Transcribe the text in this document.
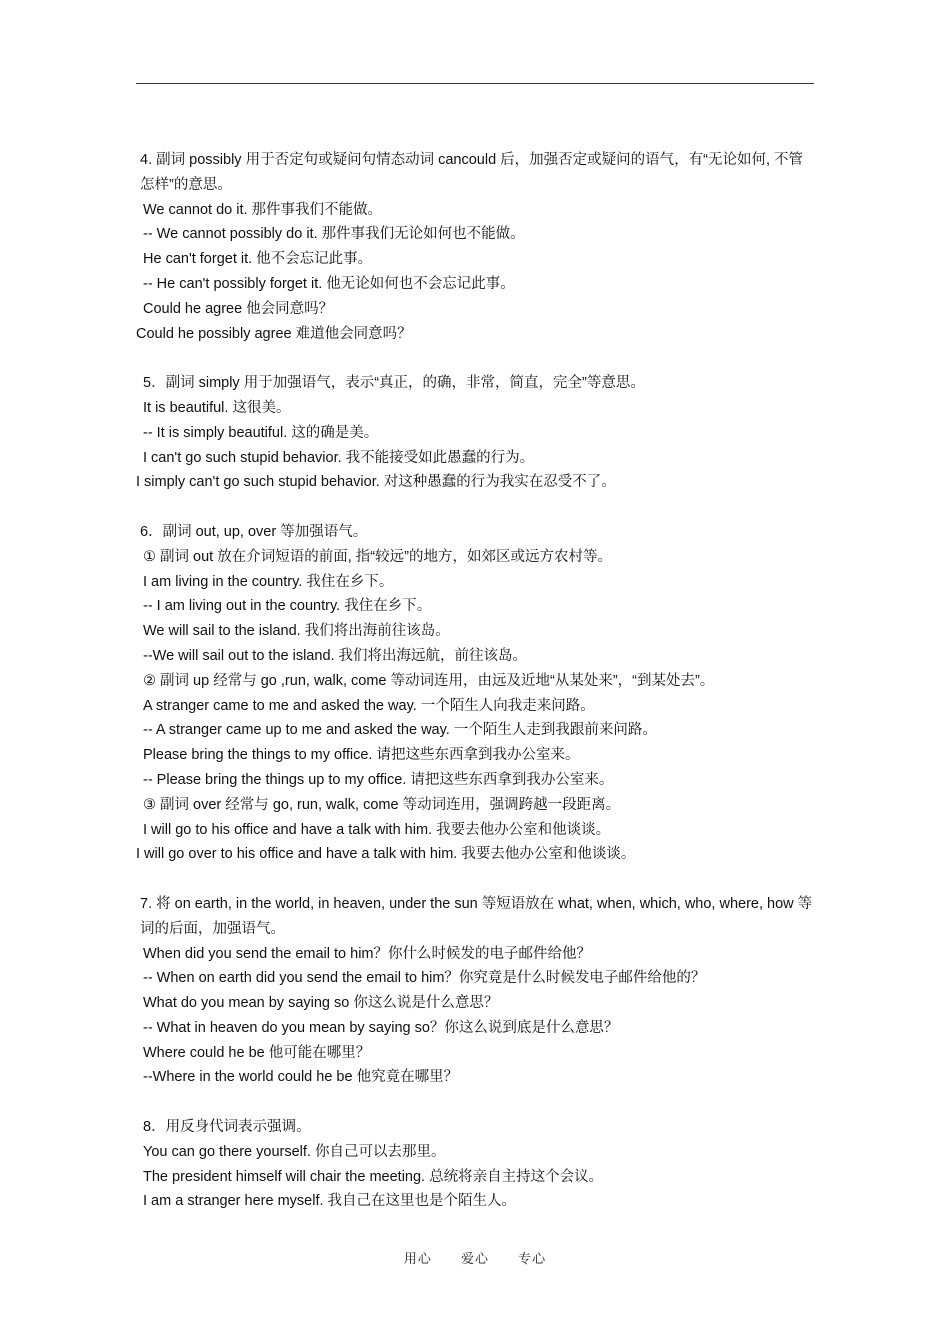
4. 副词 possibly 用于否定句或疑问句情态动词 cancould 后，加强否定或疑问的语气，有“无论如何, 不管怎样”的意思。
We cannot do it. 那件事我们不能做。
-- We cannot possibly do it. 那件事我们无论如何也不能做。
He can't forget it. 他不会忘记此事。
-- He can't possibly forget it. 他无论如何也不会忘记此事。
Could he agree 他会同意吗？
Could he possibly agree 难道他会同意吗？
5．副词 simply 用于加强语气，表示“真正，的确，非常，简直，完全”等意思。
It is beautiful. 这很美。
-- It is simply beautiful. 这的确是美。
I can't go such stupid behavior. 我不能接受如此愚蠢的行为。
I simply can't go such stupid behavior. 对这种愚蠢的行为我实在忍受不了。
6．副词 out, up, over 等加强语气。
① 副词 out 放在介词短语的前面, 指“较远”的地方，如郊区或远方农村等。
I am living in the country. 我住在乡下。
-- I am living out in the country. 我住在乡下。
We will sail to the island. 我们将出海前往该岛。
--We will sail out to the island. 我们将出海远航，前往该岛。
② 副词 up 经常与 go ,run, walk, come 等动词连用，由远及近地“从某处来”，“到某处去”。
A stranger came to me and asked the way. 一个陌生人向我走来问路。
-- A stranger came up to me and asked the way. 一个陌生人走到我跟前来问路。
Please bring the things to my office. 请把这些东西拿到我办公室来。
-- Please bring the things up to my office. 请把这些东西拿到我办公室来。
③ 副词 over 经常与 go, run, walk, come 等动词连用，强调跨越一段距离。
I will go to his office and have a talk with him. 我要去他办公室和他谈谈。
I will go over to his office and have a talk with him. 我要去他办公室和他谈谈。
7. 将 on earth, in the world, in heaven, under the sun 等短语放在 what, when, which, who, where, how 等词的后面，加强语气。
When did you send the email to him？你什么时候发的电子邮件给他？
-- When on earth did you send the email to him？你究竟是什么时候发电子邮件给他的？
What do you mean by saying so 你这么说是什么意思？
-- What in heaven do you mean by saying so？你这么说到底是什么意思？
Where could he be 他可能在哪里？
--Where in the world could he be 他究竟在哪里？
8．用反身代词表示强调。
You can go there yourself. 你自己可以去那里。
The president himself will chair the meeting. 总统将亲自主持这个会议。
I am a stranger here myself. 我自己在这里也是个陌生人。
用心 爱心 专心
